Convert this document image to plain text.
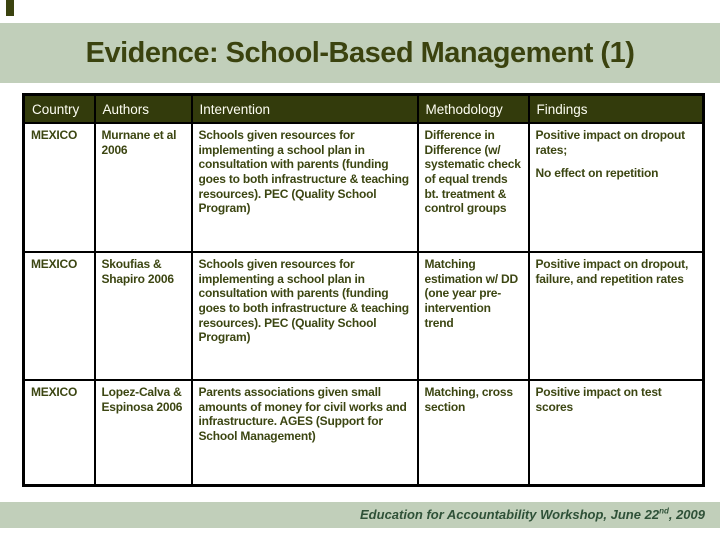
Evidence: School-Based Management (1)
Country	Authors	Intervention	Methodology	Findings
MEXICO	Murnane et al 2006	Schools given resources for implementing a school plan in consultation with parents (funding goes to both infrastructure & teaching resources). PEC (Quality School Program)	Difference in Difference (w/ systematic check of equal trends bt. treatment & control groups	Positive impact on dropout rates;
No effect on repetition

MEXICO	Skoufias & Shapiro 2006	Schools given resources for implementing a school plan in consultation with parents (funding goes to both infrastructure & teaching resources). PEC (Quality School Program)	Matching estimation w/ DD (one year pre-intervention trend	Positive impact on dropout, failure, and repetition rates

MEXICO	Lopez-Calva & Espinosa 2006	Parents associations given small amounts of money for civil works and infrastructure. AGES (Support for School Management)	Matching, cross section	Positive impact on test scores
Education for Accountability Workshop, June 22nd, 2009
